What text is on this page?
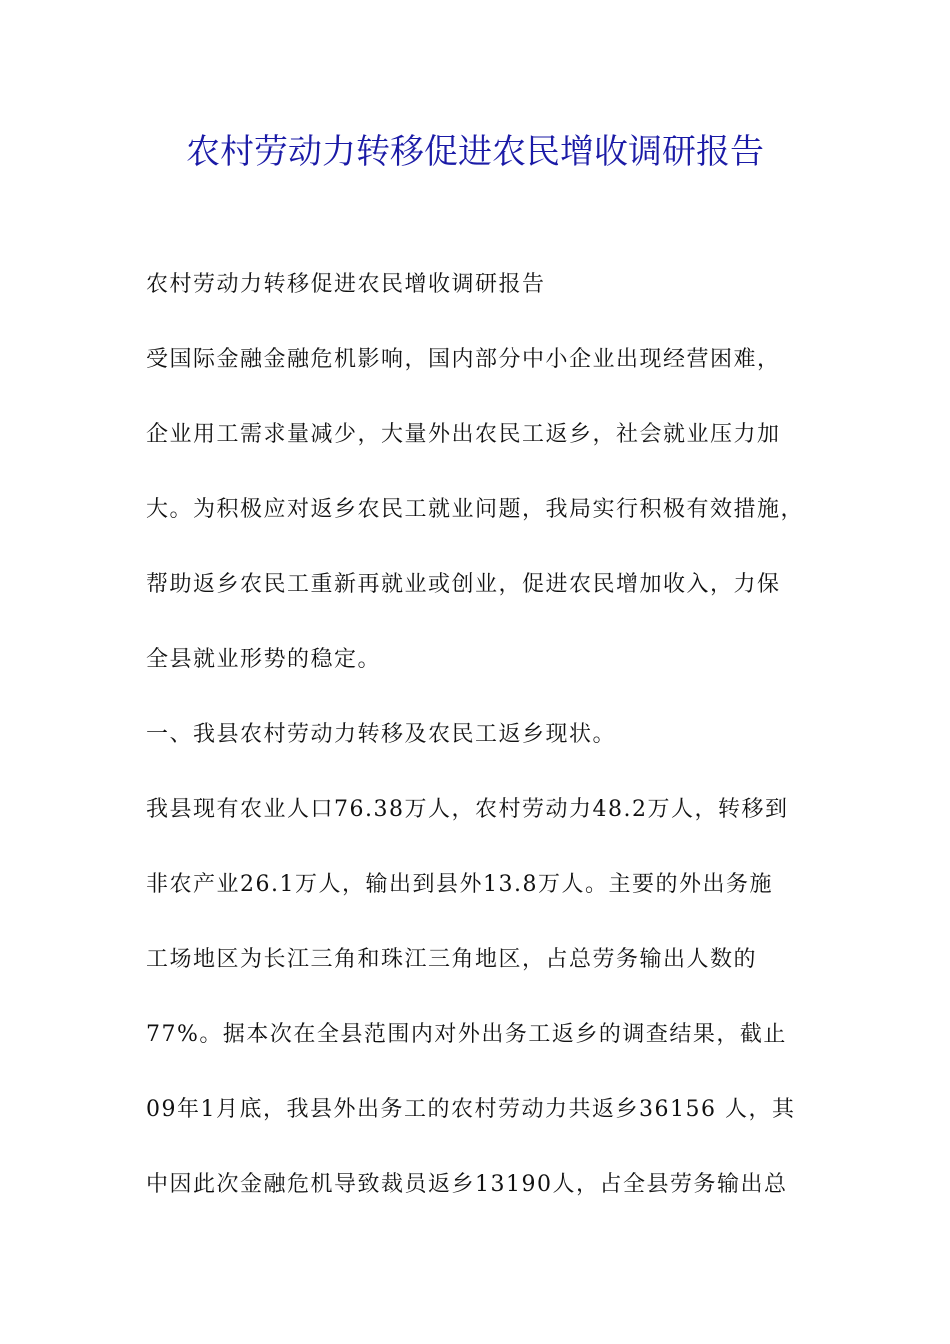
农村劳动力转移促进农民增收调研报告

农村劳动力转移促进农民增收调研报告

受国际金融金融危机影响，国内部分中小企业出现经营困难，

企业用工需求量减少，大量外出农民工返乡，社会就业压力加

大。为积极应对返乡农民工就业问题，我局实行积极有效措施，

帮助返乡农民工重新再就业或创业，促进农民增加收入，力保

全县就业形势的稳定。

一、我县农村劳动力转移及农民工返乡现状。

我县现有农业人口76.38万人，农村劳动力48.2万人，转移到

非农产业26.1万人，输出到县外13.8万人。主要的外出务施

工场地区为长江三角和珠江三角地区，占总劳务输出人数的

77%。据本次在全县范围内对外出务工返乡的调查结果，截止

09年1月底，我县外出务工的农村劳动力共返乡36156 人，其

中因此次金融危机导致裁员返乡13190人，占全县劳务输出总
